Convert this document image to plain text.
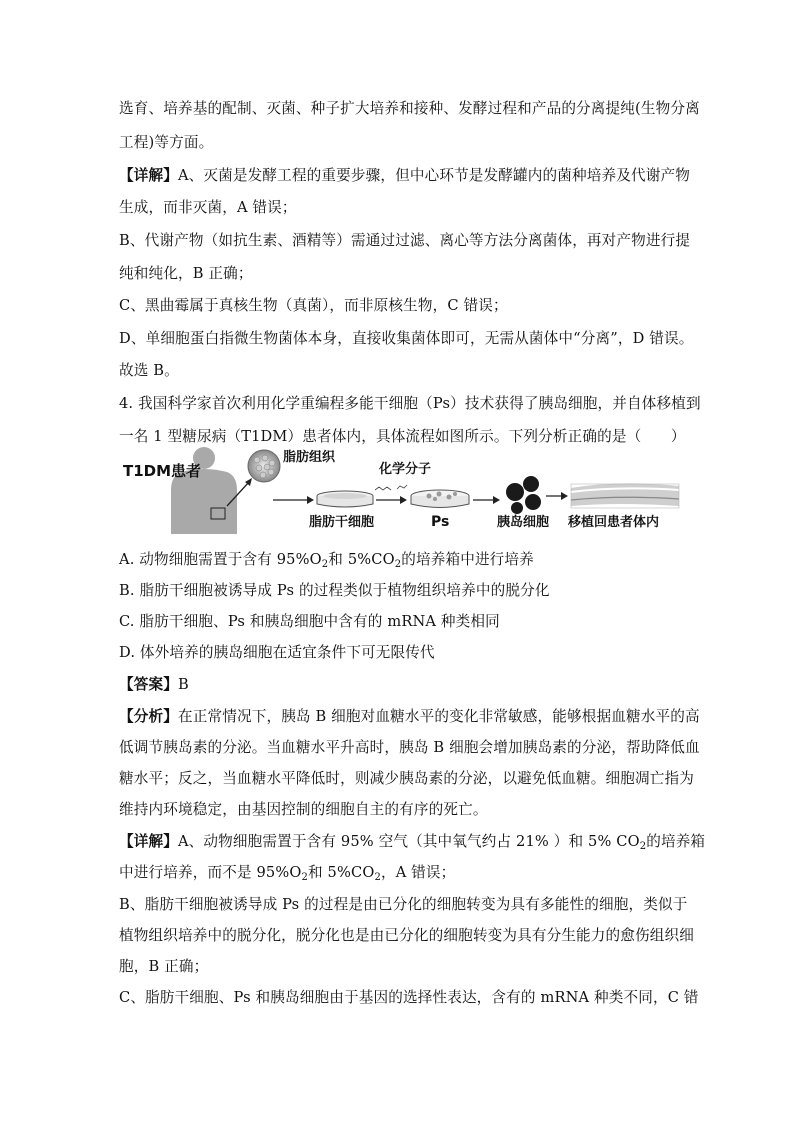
选育、培养基的配制、灭菌、种子扩大培养和接种、发酵过程和产品的分离提纯(生物分离
工程)等方面。
【详解】A、灭菌是发酵工程的重要步骤，但中心环节是发酵罐内的菌种培养及代谢产物
生成，而非灭菌，A 错误；
B、代谢产物（如抗生素、酒精等）需通过过滤、离心等方法分离菌体，再对产物进行提
纯和纯化，B 正确；
C、黑曲霉属于真核生物（真菌），而非原核生物，C 错误；
D、单细胞蛋白指微生物菌体本身，直接收集菌体即可，无需从菌体中“分离”，D 错误。
故选 B。
4. 我国科学家首次利用化学重编程多能干细胞（Ps）技术获得了胰岛细胞，并自体移植到
一名 1 型糖尿病（T1DM）患者体内，具体流程如图所示。下列分析正确的是（　　）
T1DM患者
脂肪组织
脂肪干细胞
化学分子
Ps	胰岛细胞 移植回患者体内
A. 动物细胞需置于含有 $95\%O_2$和 $5\%CO_2$的培养箱中进行培养
B. 脂肪干细胞被诱导成 Ps 的过程类似于植物组织培养中的脱分化
C. 脂肪干细胞、Ps 和胰岛细胞中含有的 mRNA 种类相同
D. 体外培养的胰岛细胞在适宜条件下可无限传代
【答案】B
【分析】在正常情况下，胰岛 B 细胞对血糖水平的变化非常敏感，能够根据血糖水平的高
低调节胰岛素的分泌。当血糖水平升高时，胰岛 B 细胞会增加胰岛素的分泌，帮助降低血
糖水平；反之，当血糖水平降低时，则减少胰岛素的分泌，以避免低血糖。细胞凋亡指为
维持内环境稳定，由基因控制的细胞自主的有序的死亡。
【详解】A、动物细胞需置于含有 95% 空气（其中氧气约占 21% ）和 5% $CO_2$的培养箱
中进行培养，而不是 $95\%O_2$和 $5\%CO_2$，A 错误；
B、脂肪干细胞被诱导成 Ps 的过程是由已分化的细胞转变为具有多能性的细胞，类似于
植物组织培养中的脱分化，脱分化也是由已分化的细胞转变为具有分生能力的愈伤组织细
胞，B 正确；
C、脂肪干细胞、Ps 和胰岛细胞由于基因的选择性表达，含有的 mRNA 种类不同，C 错
